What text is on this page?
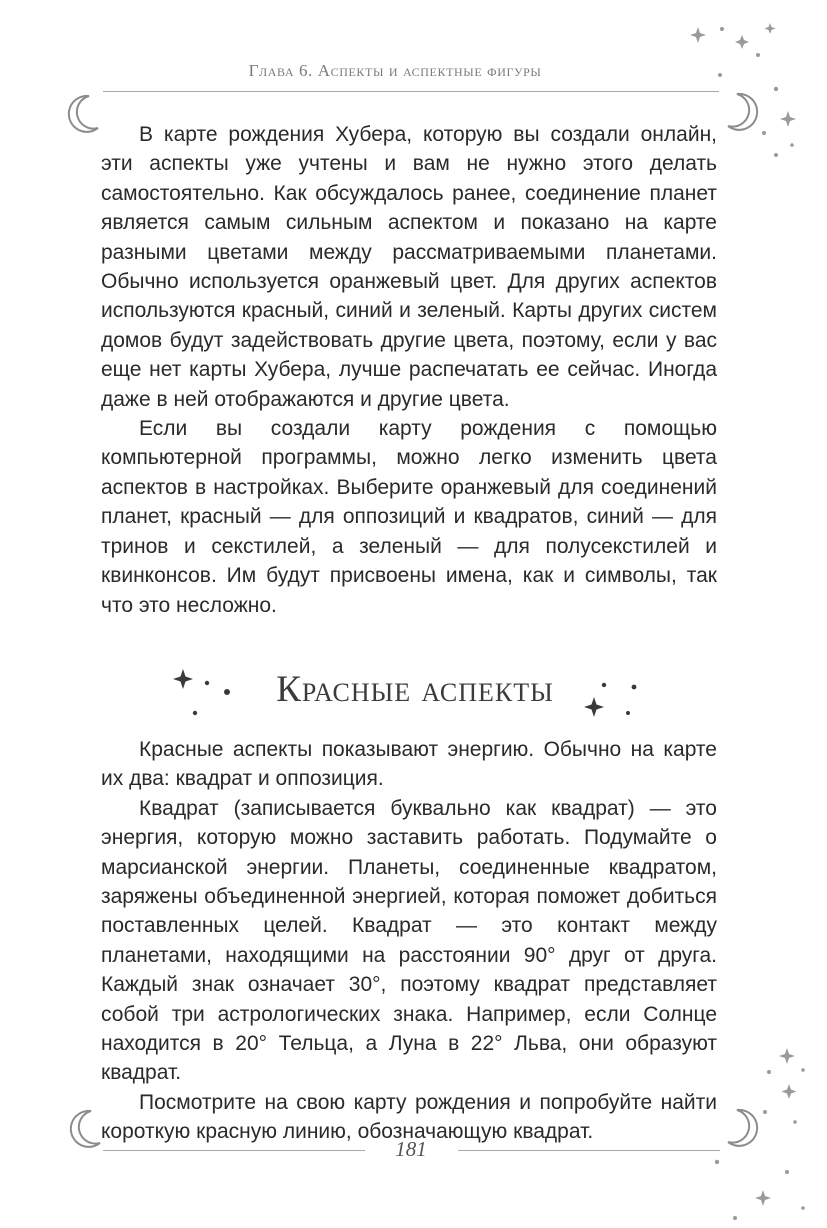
Глава 6. Аспекты и аспектные фигуры

В карте рождения Хубера, которую вы создали онлайн, эти аспекты уже учтены и вам не нужно этого делать самостоятельно. Как обсуждалось ранее, соединение планет является самым сильным аспектом и показано на карте разными цветами между рассматриваемыми планетами. Обычно используется оранжевый цвет. Для других аспектов используются красный, синий и зеленый. Карты других систем домов будут задействовать другие цвета, поэтому, если у вас еще нет карты Хубера, лучше распечатать ее сейчас. Иногда даже в ней отображаются и другие цвета.

Если вы создали карту рождения с помощью компьютерной программы, можно легко изменить цвета аспектов в настройках. Выберите оранжевый для соединений планет, красный — для оппозиций и квадратов, синий — для тринов и секстилей, а зеленый — для полусекстилей и квинконсов. Им будут присвоены имена, как и символы, так что это несложно.

Красные аспекты

Красные аспекты показывают энергию. Обычно на карте их два: квадрат и оппозиция.

Квадрат (записывается буквально как квадрат) — это энергия, которую можно заставить работать. Подумайте о марсианской энергии. Планеты, соединенные квадратом, заряжены объединенной энергией, которая поможет добиться поставленных целей. Квадрат — это контакт между планетами, находящими на расстоянии 90° друг от друга. Каждый знак означает 30°, поэтому квадрат представляет собой три астрологических знака. Например, если Солнце находится в 20° Тельца, а Луна в 22° Льва, они образуют квадрат.

Посмотрите на свою карту рождения и попробуйте найти короткую красную линию, обозначающую квадрат.

181
